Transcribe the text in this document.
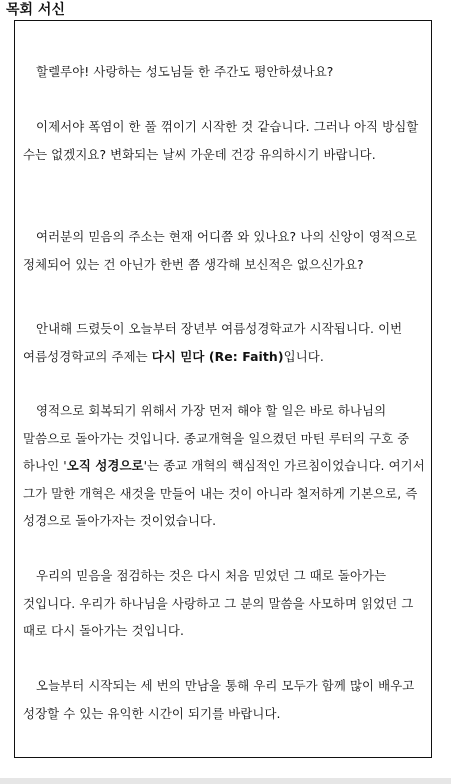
목회 서신

할렐루야! 사랑하는 성도님들 한 주간도 평안하셨나요?

이제서야 폭염이 한 풀 꺾이기 시작한 것 같습니다. 그러나 아직 방심할 수는 없겠지요? 변화되는 날씨 가운데 건강 유의하시기 바랍니다.

여러분의 믿음의 주소는 현재 어디쯤 와 있나요? 나의 신앙이 영적으로 정체되어 있는 건 아닌가 한번 쯤 생각해 보신적은 없으신가요?

안내해 드렸듯이 오늘부터 장년부 여름성경학교가 시작됩니다. 이번 여름성경학교의 주제는 다시 믿다 (Re: Faith)입니다.

영적으로 회복되기 위해서 가장 먼저 해야 할 일은 바로 하나님의 말씀으로 돌아가는 것입니다. 종교개혁을 일으켰던 마틴 루터의 구호 중 하나인 '오직 성경으로'는 종교 개혁의 핵심적인 가르침이었습니다. 여기서 그가 말한 개혁은 새것을 만들어 내는 것이 아니라 철저하게 기본으로, 즉 성경으로 돌아가자는 것이었습니다.

우리의 믿음을 점검하는 것은 다시 처음 믿었던 그 때로 돌아가는 것입니다. 우리가 하나님을 사랑하고 그 분의 말씀을 사모하며 읽었던 그 때로 다시 돌아가는 것입니다.

오늘부터 시작되는 세 번의 만남을 통해 우리 모두가 함께 많이 배우고 성장할 수 있는 유익한 시간이 되기를 바랍니다.
